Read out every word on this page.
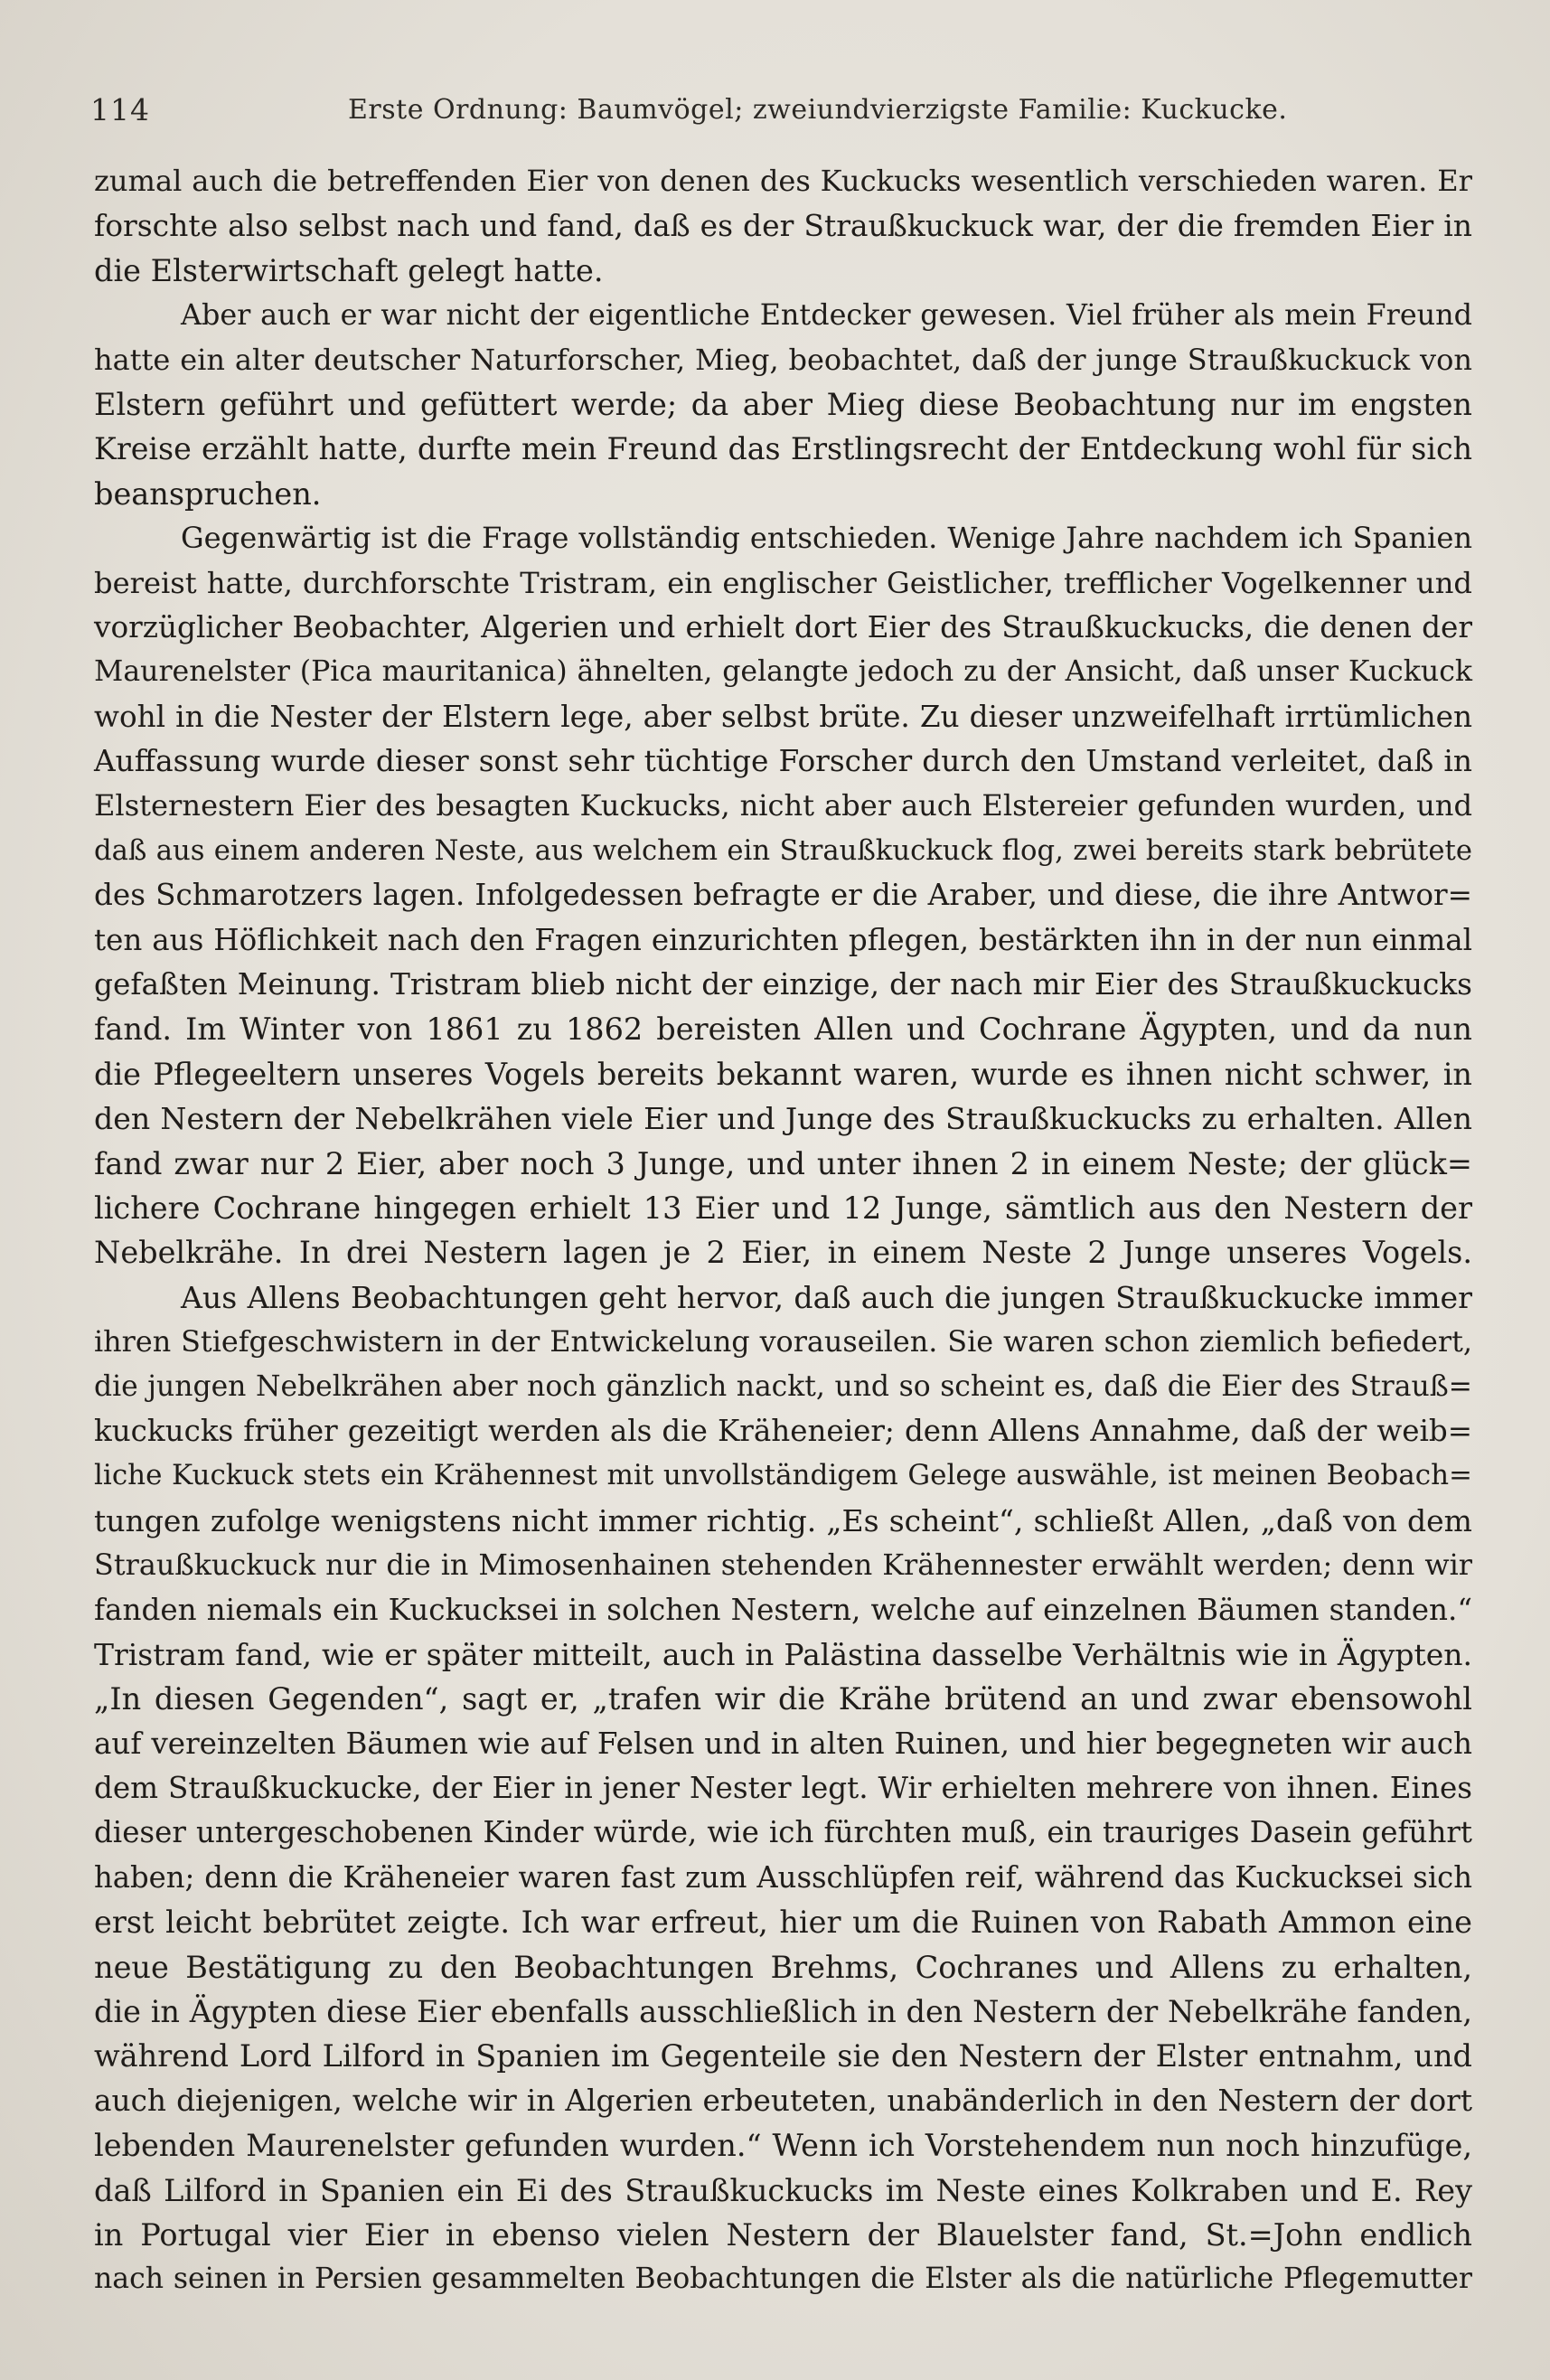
114	Erste Ordnung: Baumvögel; zweiundvierzigste Familie: Kuckucke.
zumal auch die betreffenden Eier von denen des Kuckucks wesentlich verschieden waren. Er
forschte also selbst nach und fand, daß es der Straußkuckuck war, der die fremden Eier in
die Elsterwirtschaft gelegt hatte.
Aber auch er war nicht der eigentliche Entdecker gewesen. Viel früher als mein Freund
hatte ein alter deutscher Naturforscher, Mieg, beobachtet, daß der junge Straußkuckuck von
Elstern geführt und gefüttert werde; da aber Mieg diese Beobachtung nur im engsten
Kreise erzählt hatte, durfte mein Freund das Erstlingsrecht der Entdeckung wohl für sich
beanspruchen.
Gegenwärtig ist die Frage vollständig entschieden. Wenige Jahre nachdem ich Spanien
bereist hatte, durchforschte Tristram, ein englischer Geistlicher, trefflicher Vogelkenner und
vorzüglicher Beobachter, Algerien und erhielt dort Eier des Straußkuckucks, die denen der
Maurenelster (Pica mauritanica) ähnelten, gelangte jedoch zu der Ansicht, daß unser Kuckuck
wohl in die Nester der Elstern lege, aber selbst brüte. Zu dieser unzweifelhaft irrtümlichen
Auffassung wurde dieser sonst sehr tüchtige Forscher durch den Umstand verleitet, daß in
Elsternestern Eier des besagten Kuckucks, nicht aber auch Elstereier gefunden wurden, und
daß aus einem anderen Neste, aus welchem ein Straußkuckuck flog, zwei bereits stark bebrütete
des Schmarotzers lagen. Infolgedessen befragte er die Araber, und diese, die ihre Antwor=
ten aus Höflichkeit nach den Fragen einzurichten pflegen, bestärkten ihn in der nun einmal
gefaßten Meinung. Tristram blieb nicht der einzige, der nach mir Eier des Straußkuckucks
fand. Im Winter von 1861 zu 1862 bereisten Allen und Cochrane Ägypten, und da nun
die Pflegeeltern unseres Vogels bereits bekannt waren, wurde es ihnen nicht schwer, in
den Nestern der Nebelkrähen viele Eier und Junge des Straußkuckucks zu erhalten. Allen
fand zwar nur 2 Eier, aber noch 3 Junge, und unter ihnen 2 in einem Neste; der glück=
lichere Cochrane hingegen erhielt 13 Eier und 12 Junge, sämtlich aus den Nestern der
Nebelkrähe. In drei Nestern lagen je 2 Eier, in einem Neste 2 Junge unseres Vogels.
Aus Allens Beobachtungen geht hervor, daß auch die jungen Straußkuckucke immer
ihren Stiefgeschwistern in der Entwickelung vorauseilen. Sie waren schon ziemlich befiedert,
die jungen Nebelkrähen aber noch gänzlich nackt, und so scheint es, daß die Eier des Strauß=
kuckucks früher gezeitigt werden als die Kräheneier; denn Allens Annahme, daß der weib=
liche Kuckuck stets ein Krähennest mit unvollständigem Gelege auswähle, ist meinen Beobach=
tungen zufolge wenigstens nicht immer richtig. „Es scheint“, schließt Allen, „daß von dem
Straußkuckuck nur die in Mimosenhainen stehenden Krähennester erwählt werden; denn wir
fanden niemals ein Kuckucksei in solchen Nestern, welche auf einzelnen Bäumen standen.“
Tristram fand, wie er später mitteilt, auch in Palästina dasselbe Verhältnis wie in Ägypten.
„In diesen Gegenden“, sagt er, „trafen wir die Krähe brütend an und zwar ebensowohl
auf vereinzelten Bäumen wie auf Felsen und in alten Ruinen, und hier begegneten wir auch
dem Straußkuckucke, der Eier in jener Nester legt. Wir erhielten mehrere von ihnen. Eines
dieser untergeschobenen Kinder würde, wie ich fürchten muß, ein trauriges Dasein geführt
haben; denn die Kräheneier waren fast zum Ausschlüpfen reif, während das Kuckucksei sich
erst leicht bebrütet zeigte. Ich war erfreut, hier um die Ruinen von Rabath Ammon eine
neue Bestätigung zu den Beobachtungen Brehms, Cochranes und Allens zu erhalten,
die in Ägypten diese Eier ebenfalls ausschließlich in den Nestern der Nebelkrähe fanden,
während Lord Lilford in Spanien im Gegenteile sie den Nestern der Elster entnahm, und
auch diejenigen, welche wir in Algerien erbeuteten, unabänderlich in den Nestern der dort
lebenden Maurenelster gefunden wurden.“ Wenn ich Vorstehendem nun noch hinzufüge,
daß Lilford in Spanien ein Ei des Straußkuckucks im Neste eines Kolkraben und E. Rey
in Portugal vier Eier in ebenso vielen Nestern der Blauelster fand, St.=John endlich
nach seinen in Persien gesammelten Beobachtungen die Elster als die natürliche Pflegemutter
